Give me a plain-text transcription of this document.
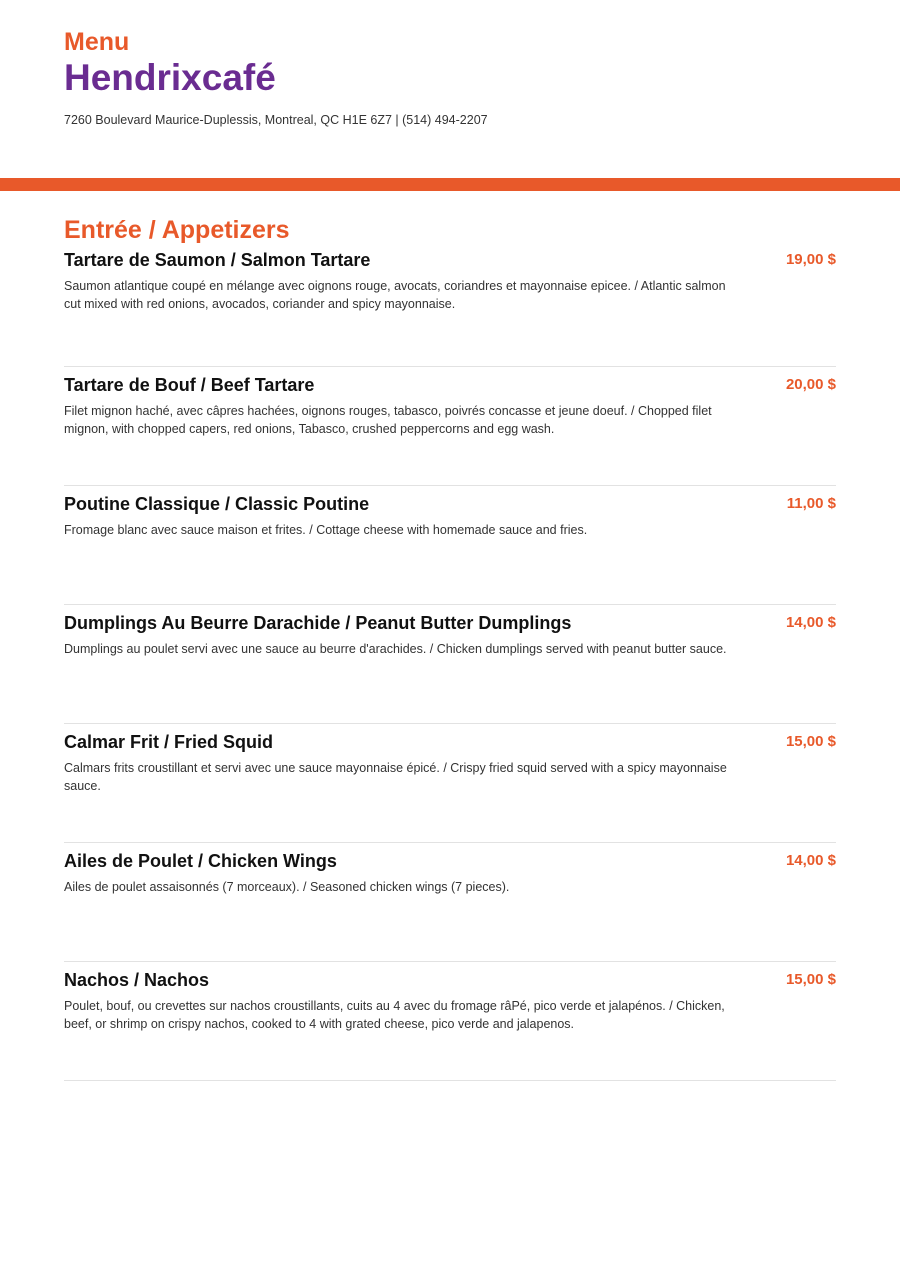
Menu
Hendrixcafé
7260 Boulevard Maurice-Duplessis, Montreal, QC H1E 6Z7 | (514) 494-2207
Entrée / Appetizers
Tartare de Saumon / Salmon Tartare	19,00 $
Saumon atlantique coupé en mélange avec oignons rouge, avocats, coriandres et mayonnaise epicee. / Atlantic salmon cut mixed with red onions, avocados, coriander and spicy mayonnaise.
Tartare de Bouf / Beef Tartare	20,00 $
Filet mignon haché, avec câpres hachées, oignons rouges, tabasco, poivrés concasse et jeune doeuf. / Chopped filet mignon, with chopped capers, red onions, Tabasco, crushed peppercorns and egg wash.
Poutine Classique / Classic Poutine	11,00 $
Fromage blanc avec sauce maison et frites. / Cottage cheese with homemade sauce and fries.
Dumplings Au Beurre Darachide / Peanut Butter Dumplings	14,00 $
Dumplings au poulet servi avec une sauce au beurre d'arachides. / Chicken dumplings served with peanut butter sauce.
Calmar Frit / Fried Squid	15,00 $
Calmars frits croustillant et servi avec une sauce mayonnaise épicé. / Crispy fried squid served with a spicy mayonnaise sauce.
Ailes de Poulet / Chicken Wings	14,00 $
Ailes de poulet assaisonnés (7 morceaux). / Seasoned chicken wings (7 pieces).
Nachos / Nachos	15,00 $
Poulet, bouf, ou crevettes sur nachos croustillants, cuits au 4 avec du fromage râPé, pico verde et jalapénos. / Chicken, beef, or shrimp on crispy nachos, cooked to 4 with grated cheese, pico verde and jalapenos.
